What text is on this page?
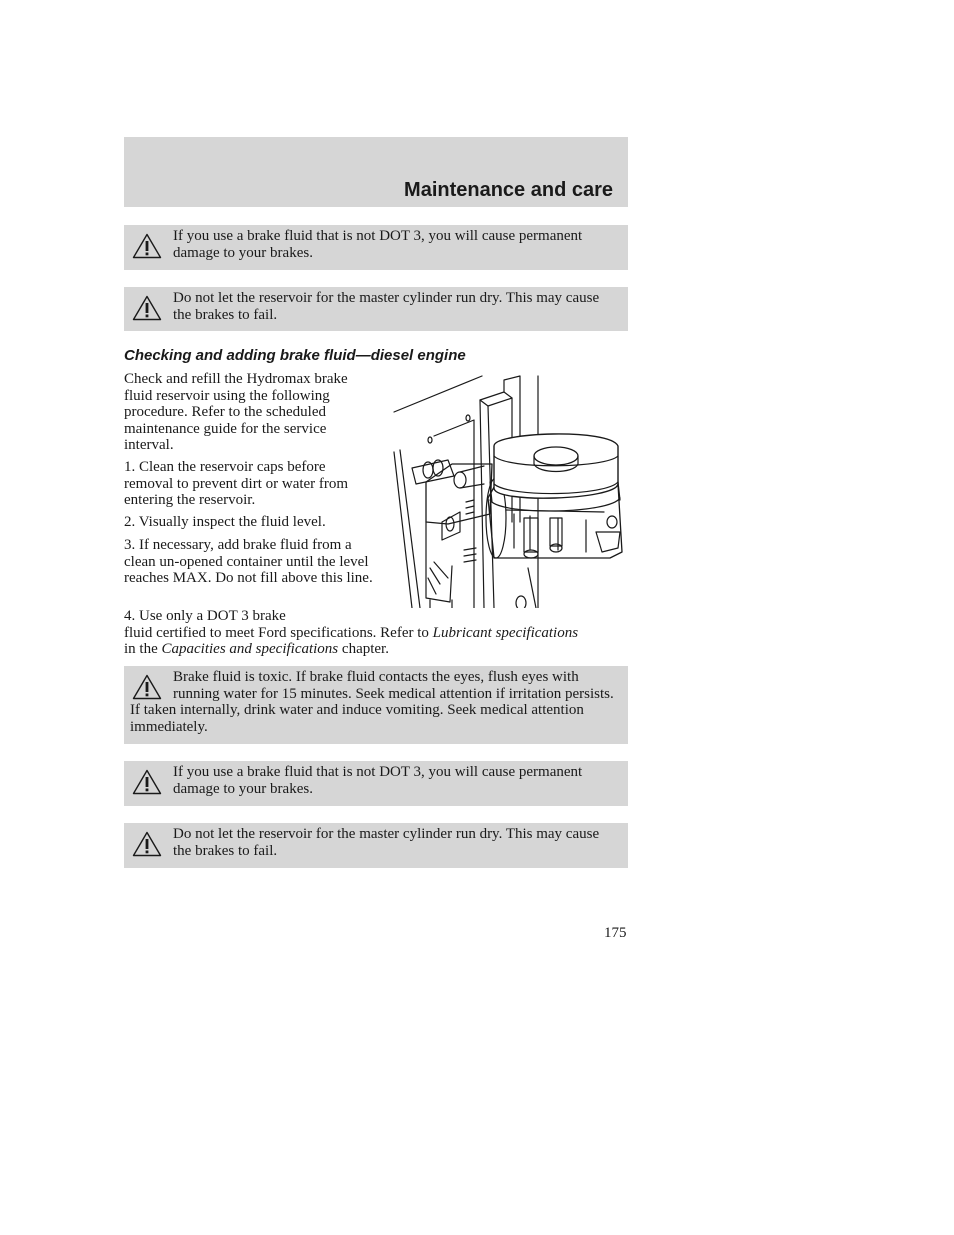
Maintenance and care
If you use a brake fluid that is not DOT 3, you will cause permanent damage to your brakes.
Do not let the reservoir for the master cylinder run dry. This may cause the brakes to fail.
Checking and adding brake fluid—diesel engine
Check and refill the Hydromax brake fluid reservoir using the following procedure. Refer to the scheduled maintenance guide for the service interval.
1. Clean the reservoir caps before removal to prevent dirt or water from entering the reservoir.
2. Visually inspect the fluid level.
3. If necessary, add brake fluid from a clean un-opened container until the level reaches MAX. Do not fill above this line.
4. Use only a DOT 3 brake
fluid certified to meet Ford specifications. Refer to Lubricant specifications
in the Capacities and specifications chapter.
Brake fluid is toxic. If brake fluid contacts the eyes, flush eyes with running water for 15 minutes. Seek medical attention if irritation persists. If taken internally, drink water and induce vomiting. Seek medical attention immediately.
If you use a brake fluid that is not DOT 3, you will cause permanent damage to your brakes.
Do not let the reservoir for the master cylinder run dry. This may cause the brakes to fail.
175
